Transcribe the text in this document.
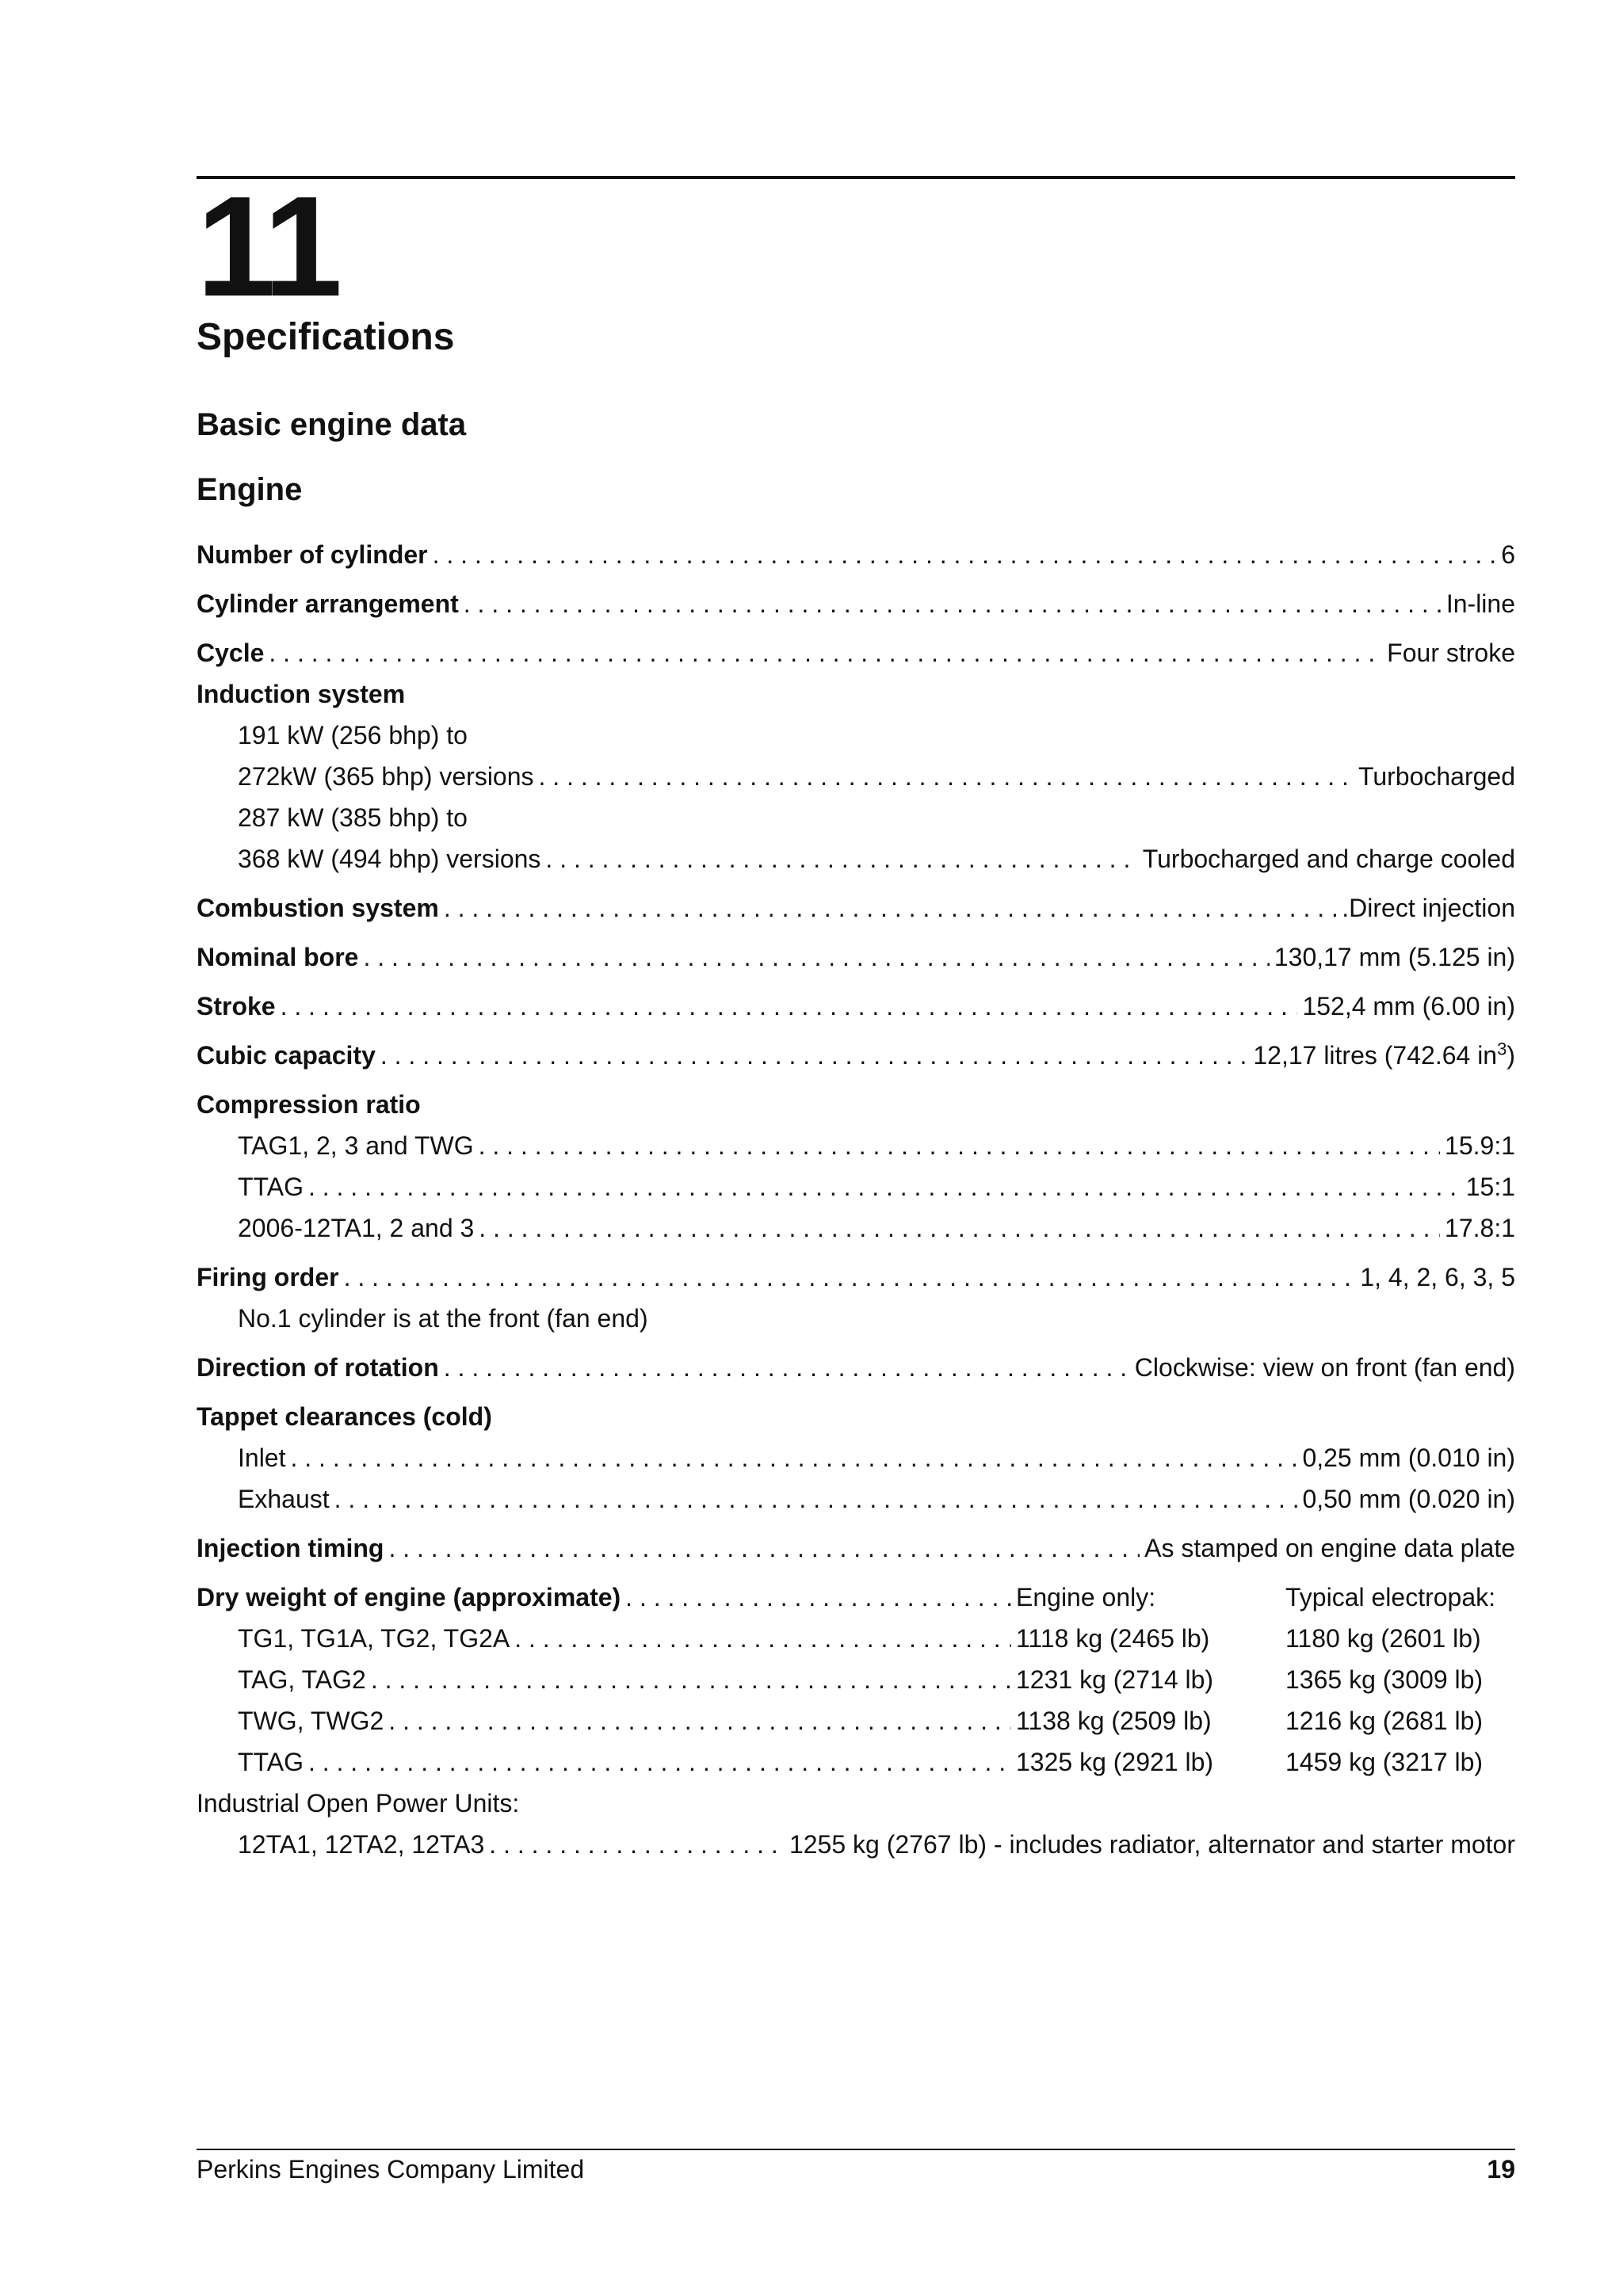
11
Specifications
Basic engine data
Engine
Number of cylinder . . .	6
Cylinder arrangement . . .	In-line
Cycle . . .	Four stroke
Induction system
191 kW (256 bhp) to
272kW (365 bhp) versions . . .	Turbocharged
287 kW (385 bhp) to
368 kW (494 bhp) versions . . .	Turbocharged and charge cooled
Combustion system . . .	.Direct injection
Nominal bore . . .	130,17 mm (5.125 in)
Stroke . . .	152,4 mm (6.00 in)
Cubic capacity . . .	12,17 litres (742.64 $in^3$)
Compression ratio
TAG1, 2, 3 and TWG . . .	15.9:1
TTAG . . .	15:1
2006-12TA1, 2 and 3 . . .	17.8:1
Firing order . . .	1, 4, 2, 6, 3, 5
No.1 cylinder is at the front (fan end)
Direction of rotation . . .	Clockwise: view on front (fan end)
Tappet clearances (cold)
Inlet . . .	0,25 mm (0.010 in)
Exhaust . . .	0,50 mm (0.020 in)
Injection timing . . .	As stamped on engine data plate
Dry weight of engine (approximate) . . .	Engine only:	Typical electropak:
TG1, TG1A, TG2, TG2A . . .	1118 kg (2465 lb)	1180 kg (2601 lb)
TAG, TAG2 . . .	1231 kg (2714 lb)	1365 kg (3009 lb)
TWG, TWG2 . . .	1138 kg (2509 lb)	1216 kg (2681 lb)
TTAG . . .	1325 kg (2921 lb)	1459 kg (3217 lb)
Industrial Open Power Units:
12TA1, 12TA2, 12TA3 . . .	1255 kg (2767 lb) - includes radiator, alternator and starter motor
Perkins Engines Company Limited	19
